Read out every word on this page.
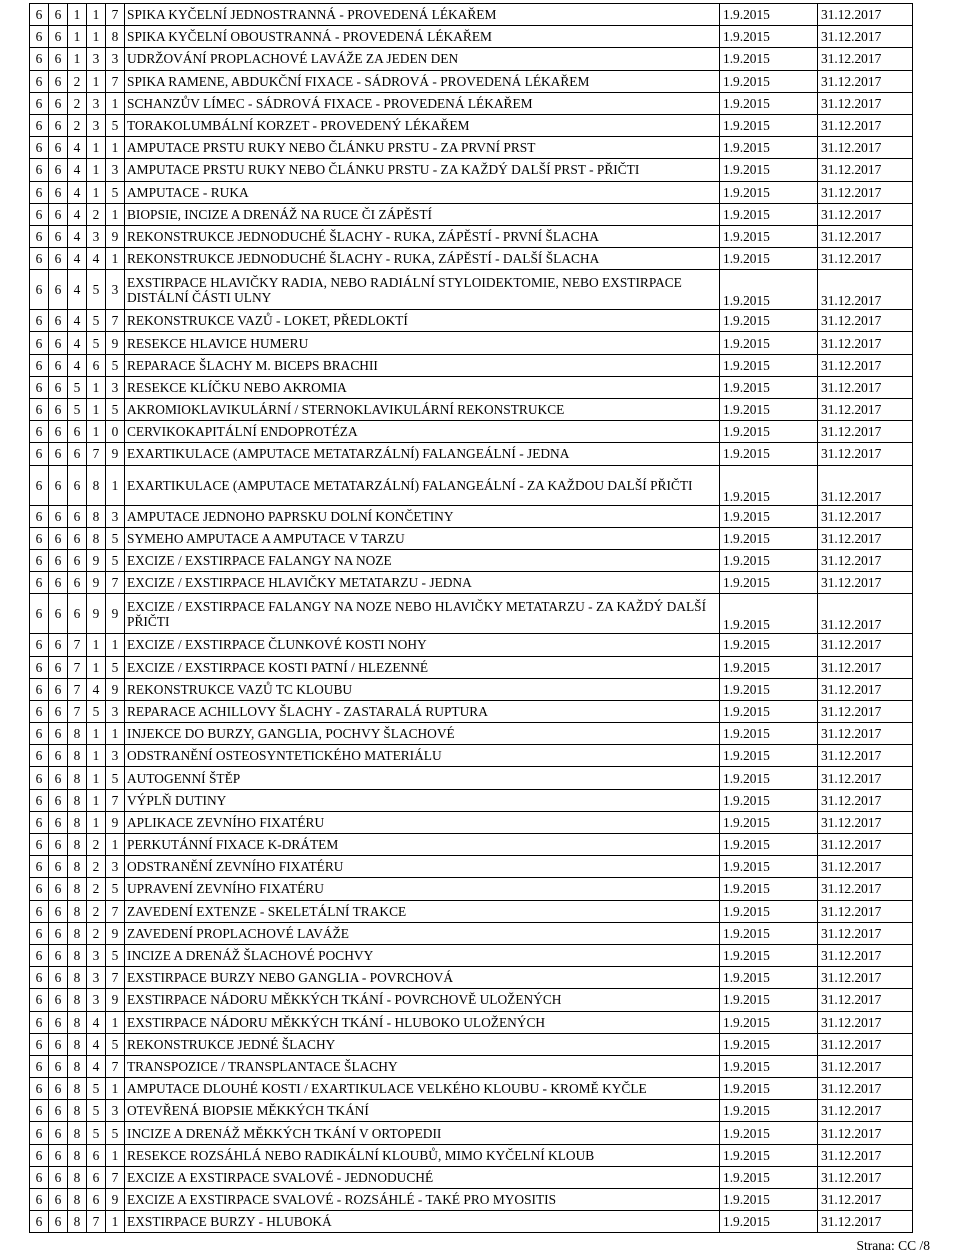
6	6	1	1	7	SPIKA KYČELNÍ JEDNOSTRANNÁ - PROVEDENÁ LÉKAŘEM	1.9.2015	31.12.2017
6	6	1	1	8	SPIKA KYČELNÍ OBOUSTRANNÁ - PROVEDENÁ LÉKAŘEM	1.9.2015	31.12.2017
6	6	1	3	3	UDRŽOVÁNÍ PROPLACHOVÉ LAVÁŽE ZA JEDEN DEN	1.9.2015	31.12.2017
6	6	2	1	7	SPIKA RAMENE, ABDUKČNÍ FIXACE - SÁDROVÁ - PROVEDENÁ LÉKAŘEM	1.9.2015	31.12.2017
6	6	2	3	1	SCHANZŮV LÍMEC - SÁDROVÁ FIXACE - PROVEDENÁ LÉKAŘEM	1.9.2015	31.12.2017
6	6	2	3	5	TORAKOLUMBÁLNÍ KORZET - PROVEDENÝ LÉKAŘEM	1.9.2015	31.12.2017
6	6	4	1	1	AMPUTACE PRSTU RUKY NEBO ČLÁNKU PRSTU - ZA PRVNÍ PRST	1.9.2015	31.12.2017
6	6	4	1	3	AMPUTACE PRSTU RUKY NEBO ČLÁNKU PRSTU - ZA KAŽDÝ DALŠÍ PRST - PŘIČTI	1.9.2015	31.12.2017
6	6	4	1	5	AMPUTACE - RUKA	1.9.2015	31.12.2017
6	6	4	2	1	BIOPSIE, INCIZE A DRENÁŽ NA RUCE ČI ZÁPĚSTÍ	1.9.2015	31.12.2017
6	6	4	3	9	REKONSTRUKCE JEDNODUCHÉ ŠLACHY - RUKA, ZÁPĚSTÍ - PRVNÍ ŠLACHA	1.9.2015	31.12.2017
6	6	4	4	1	REKONSTRUKCE JEDNODUCHÉ ŠLACHY - RUKA, ZÁPĚSTÍ - DALŠÍ ŠLACHA	1.9.2015	31.12.2017
6	6	4	5	3	EXSTIRPACE HLAVIČKY RADIA, NEBO RADIÁLNÍ STYLOIDEKTOMIE, NEBO EXSTIRPACE DISTÁLNÍ ČÁSTI ULNY	1.9.2015	31.12.2017
6	6	4	5	7	REKONSTRUKCE VAZŮ - LOKET, PŘEDLOKTÍ	1.9.2015	31.12.2017
6	6	4	5	9	RESEKCE HLAVICE HUMERU	1.9.2015	31.12.2017
6	6	4	6	5	REPARACE ŠLACHY M. BICEPS BRACHII	1.9.2015	31.12.2017
6	6	5	1	3	RESEKCE KLÍČKU NEBO AKROMIA	1.9.2015	31.12.2017
6	6	5	1	5	AKROMIOKLAVIKULÁRNÍ / STERNOKLAVIKULÁRNÍ REKONSTRUKCE	1.9.2015	31.12.2017
6	6	6	1	0	CERVIKOKAPITÁLNÍ ENDOPROTÉZA	1.9.2015	31.12.2017
6	6	6	7	9	EXARTIKULACE (AMPUTACE METATARZÁLNÍ) FALANGEÁLNÍ - JEDNA	1.9.2015	31.12.2017
6	6	6	8	1	EXARTIKULACE (AMPUTACE METATARZÁLNÍ) FALANGEÁLNÍ - ZA KAŽDOU DALŠÍ PŘIČTI	1.9.2015	31.12.2017
6	6	6	8	3	AMPUTACE JEDNOHO PAPRSKU DOLNÍ KONČETINY	1.9.2015	31.12.2017
6	6	6	8	5	SYMEHO AMPUTACE A AMPUTACE V TARZU	1.9.2015	31.12.2017
6	6	6	9	5	EXCIZE / EXSTIRPACE FALANGY NA NOZE	1.9.2015	31.12.2017
6	6	6	9	7	EXCIZE / EXSTIRPACE HLAVIČKY METATARZU - JEDNA	1.9.2015	31.12.2017
6	6	6	9	9	EXCIZE / EXSTIRPACE FALANGY NA NOZE NEBO HLAVIČKY METATARZU - ZA KAŽDÝ DALŠÍ PŘIČTI	1.9.2015	31.12.2017
6	6	7	1	1	EXCIZE / EXSTIRPACE ČLUNKOVÉ KOSTI NOHY	1.9.2015	31.12.2017
6	6	7	1	5	EXCIZE / EXSTIRPACE KOSTI PATNÍ / HLEZENNÉ	1.9.2015	31.12.2017
6	6	7	4	9	REKONSTRUKCE VAZŮ TC KLOUBU	1.9.2015	31.12.2017
6	6	7	5	3	REPARACE ACHILLOVY ŠLACHY - ZASTARALÁ RUPTURA	1.9.2015	31.12.2017
6	6	8	1	1	INJEKCE DO BURZY, GANGLIA, POCHVY ŠLACHOVÉ	1.9.2015	31.12.2017
6	6	8	1	3	ODSTRANĚNÍ OSTEOSYNTETICKÉHO MATERIÁLU	1.9.2015	31.12.2017
6	6	8	1	5	AUTOGENNÍ ŠTĚP	1.9.2015	31.12.2017
6	6	8	1	7	VÝPLŇ DUTINY	1.9.2015	31.12.2017
6	6	8	1	9	APLIKACE ZEVNÍHO FIXATÉRU	1.9.2015	31.12.2017
6	6	8	2	1	PERKUTÁNNÍ FIXACE K-DRÁTEM	1.9.2015	31.12.2017
6	6	8	2	3	ODSTRANĚNÍ ZEVNÍHO FIXATÉRU	1.9.2015	31.12.2017
6	6	8	2	5	UPRAVENÍ ZEVNÍHO FIXATÉRU	1.9.2015	31.12.2017
6	6	8	2	7	ZAVEDENÍ EXTENZE - SKELETÁLNÍ TRAKCE	1.9.2015	31.12.2017
6	6	8	2	9	ZAVEDENÍ PROPLACHOVÉ LAVÁŽE	1.9.2015	31.12.2017
6	6	8	3	5	INCIZE A DRENÁŽ ŠLACHOVÉ POCHVY	1.9.2015	31.12.2017
6	6	8	3	7	EXSTIRPACE BURZY NEBO GANGLIA - POVRCHOVÁ	1.9.2015	31.12.2017
6	6	8	3	9	EXSTIRPACE NÁDORU MĚKKÝCH TKÁNÍ - POVRCHOVĚ ULOŽENÝCH	1.9.2015	31.12.2017
6	6	8	4	1	EXSTIRPACE NÁDORU MĚKKÝCH TKÁNÍ - HLUBOKO ULOŽENÝCH	1.9.2015	31.12.2017
6	6	8	4	5	REKONSTRUKCE JEDNÉ ŠLACHY	1.9.2015	31.12.2017
6	6	8	4	7	TRANSPOZICE / TRANSPLANTACE ŠLACHY	1.9.2015	31.12.2017
6	6	8	5	1	AMPUTACE DLOUHÉ KOSTI / EXARTIKULACE VELKÉHO KLOUBU - KROMĚ KYČLE	1.9.2015	31.12.2017
6	6	8	5	3	OTEVŘENÁ BIOPSIE MĚKKÝCH TKÁNÍ	1.9.2015	31.12.2017
6	6	8	5	5	INCIZE A DRENÁŽ MĚKKÝCH TKÁNÍ V ORTOPEDII	1.9.2015	31.12.2017
6	6	8	6	1	RESEKCE ROZSÁHLÁ NEBO RADIKÁLNÍ KLOUBŮ, MIMO KYČELNÍ KLOUB	1.9.2015	31.12.2017
6	6	8	6	7	EXCIZE A EXSTIRPACE SVALOVÉ - JEDNODUCHÉ	1.9.2015	31.12.2017
6	6	8	6	9	EXCIZE A EXSTIRPACE SVALOVÉ - ROZSÁHLÉ - TAKÉ PRO MYOSITIS	1.9.2015	31.12.2017
6	6	8	7	1	EXSTIRPACE BURZY - HLUBOKÁ	1.9.2015	31.12.2017
Strana: CC /8
